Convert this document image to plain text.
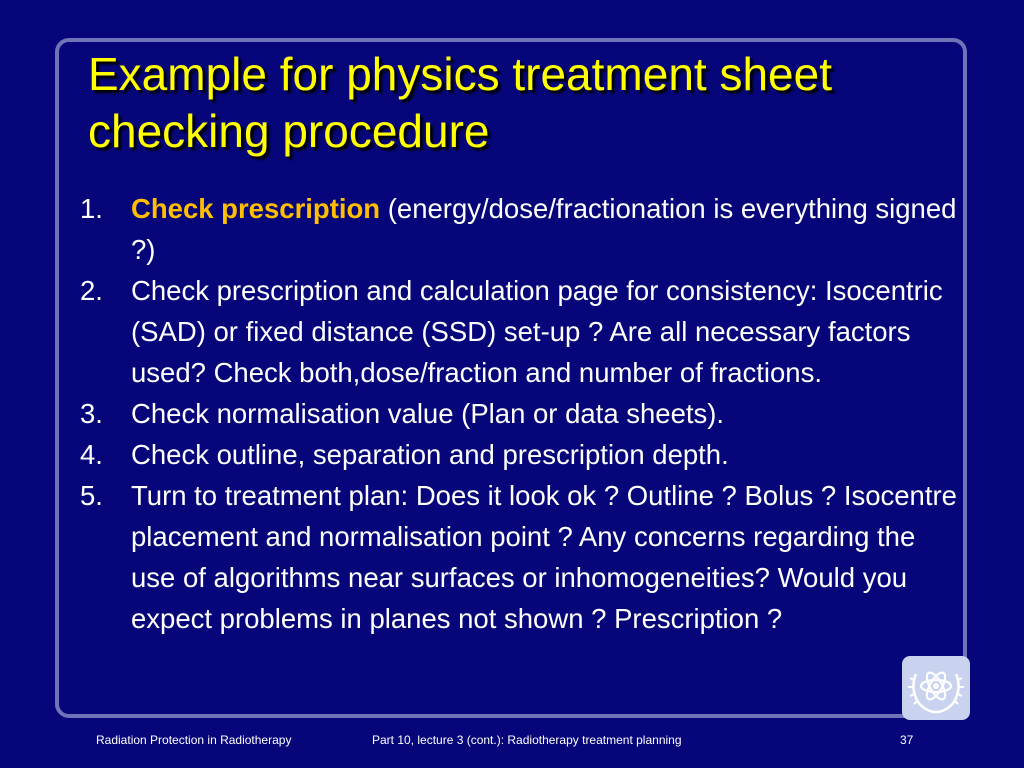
Example for physics treatment sheet checking procedure
1. Check prescription (energy/dose/fractionation is everything signed ?)
2. Check prescription and calculation page for consistency: Isocentric (SAD) or fixed distance (SSD) set-up ? Are all necessary factors used? Check both,dose/fraction and number of fractions.
3. Check normalisation value (Plan or data sheets).
4. Check outline, separation and prescription depth.
5. Turn to treatment plan: Does it look ok ? Outline ? Bolus ? Isocentre placement and normalisation point ? Any concerns regarding the use of algorithms near surfaces or inhomogeneities? Would you expect problems in planes not shown ? Prescription ?
Radiation Protection in Radiotherapy	Part 10, lecture 3 (cont.): Radiotherapy treatment planning	37
